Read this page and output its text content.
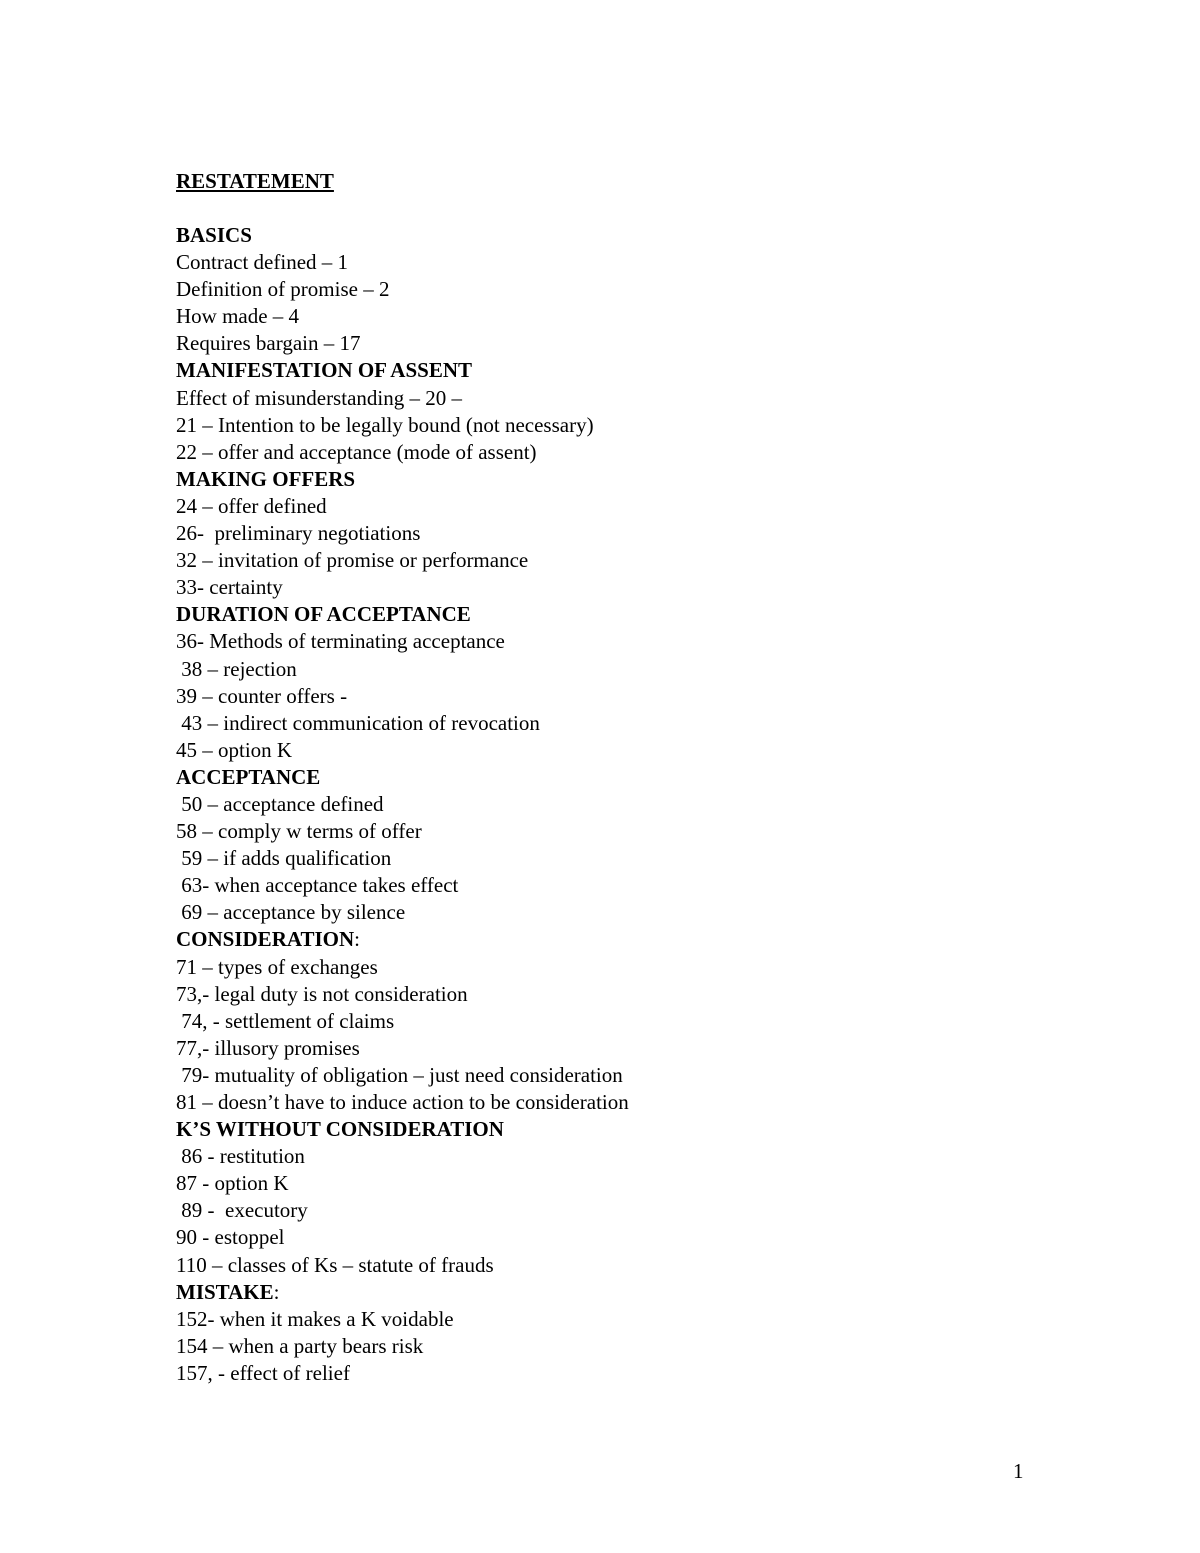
RESTATEMENT
BASICS
Contract defined – 1
Definition of promise – 2
How made – 4
Requires bargain – 17
MANIFESTATION OF ASSENT
Effect of misunderstanding – 20 –
21 – Intention to be legally bound (not necessary)
22 – offer and acceptance (mode of assent)
MAKING OFFERS
24 – offer defined
26-  preliminary negotiations
32 – invitation of promise or performance
33- certainty
DURATION OF ACCEPTANCE
36- Methods of terminating acceptance
38 – rejection
39 – counter offers -
43 – indirect communication of revocation
45 – option K
ACCEPTANCE
50 – acceptance defined
58 – comply w terms of offer
59 – if adds qualification
63- when acceptance takes effect
69 – acceptance by silence
CONSIDERATION:
71 – types of exchanges
73,- legal duty is not consideration
74, - settlement of claims
77,- illusory promises
79- mutuality of obligation – just need consideration
81 – doesn’t have to induce action to be consideration
K’S WITHOUT CONSIDERATION
86 - restitution
87 - option K
89 -  executory
90 - estoppel
110 – classes of Ks – statute of frauds
MISTAKE:
152- when it makes a K voidable
154 – when a party bears risk
157, - effect of relief
1
